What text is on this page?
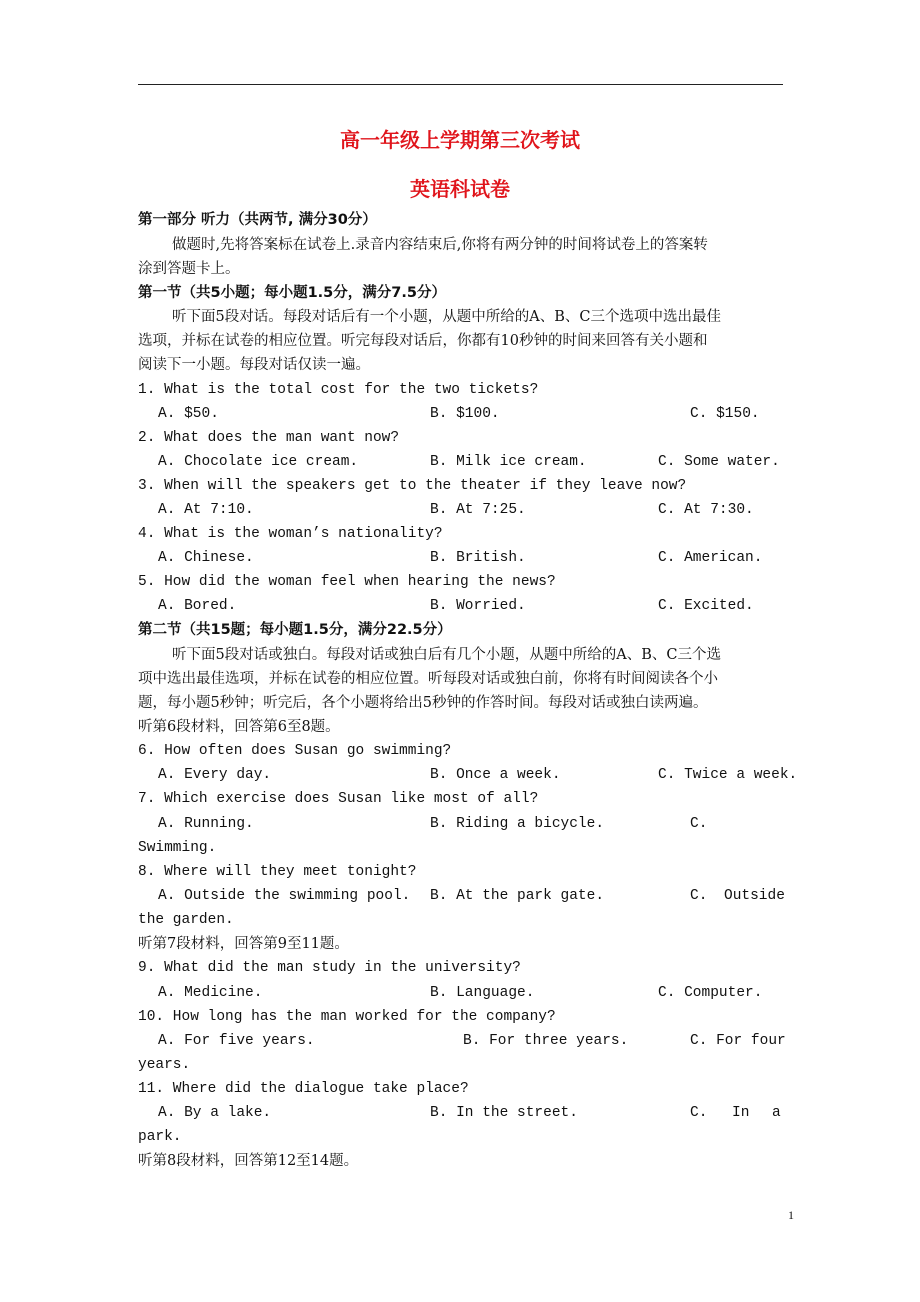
高一年级上学期第三次考试
英语科试卷
第一部分 听力（共两节, 满分30分）
做题时,先将答案标在试卷上.录音内容结束后,你将有两分钟的时间将试卷上的答案转
涂到答题卡上。
第一节（共5小题；每小题1.5分，满分7.5分）
听下面5段对话。每段对话后有一个小题，从题中所给的A、B、C三个选项中选出最佳
选项，并标在试卷的相应位置。听完每段对话后，你都有10秒钟的时间来回答有关小题和
阅读下一小题。每段对话仅读一遍。
1. What is the total cost for the two tickets?
A. $50.	B. $100.	C. $150.
2. What does the man want now?
A. Chocolate ice cream.	B. Milk ice cream.	C. Some water.
3. When will the speakers get to the theater if they leave now?
A. At 7:10.	B. At 7:25.	C. At 7:30.
4. What is the woman’s nationality?
A. Chinese.	B. British.	C. American.
5. How did the woman feel when hearing the news?
A. Bored.	B. Worried.	C. Excited.
第二节（共15题；每小题1.5分，满分22.5分）
听下面5段对话或独白。每段对话或独白后有几个小题，从题中所给的A、B、C三个选
项中选出最佳选项，并标在试卷的相应位置。听每段对话或独白前，你将有时间阅读各个小
题，每小题5秒钟；听完后，各个小题将给出5秒钟的作答时间。每段对话或独白读两遍。
听第6段材料，回答第6至8题。
6. How often does Susan go swimming?
A. Every day.	B. Once a week.	C. Twice a week.
7. Which exercise does Susan like most of all?
A. Running.	B. Riding a bicycle.	C.
Swimming.
8. Where will they meet tonight?
A. Outside the swimming pool. B. At the park gate.	C. Outside
the garden.
听第7段材料，回答第9至11题。
9. What did the man study in the university?
A. Medicine.	B. Language.	C. Computer.
10. How long has the man worked for the company?
A. For five years.	B. For three years.	C. For four
years.
11. Where did the dialogue take place?
A. By a lake.	B. In the street.	C. In a
park.
听第8段材料，回答第12至14题。
1
